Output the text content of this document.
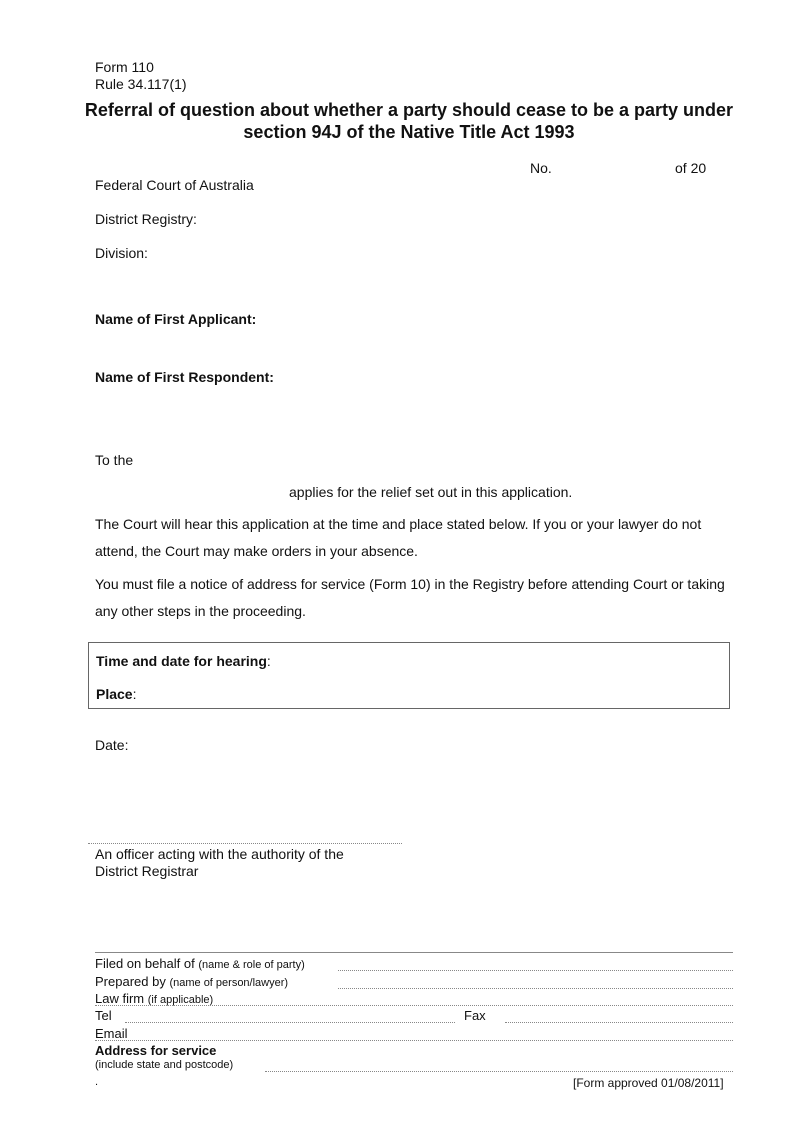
Form 110
Rule 34.117(1)
Referral of question about whether a party should cease to be a party under section 94J of the Native Title Act 1993
No.	of 20
Federal Court of Australia
District Registry:
Division:
Name of First Applicant:
Name of First Respondent:
To the
applies for the relief set out in this application.
The Court will hear this application at the time and place stated below. If you or your lawyer do not attend, the Court may make orders in your absence.
You must file a notice of address for service (Form 10) in the Registry before attending Court or taking any other steps in the proceeding.
Time and date for hearing:
Place:
Date:
An officer acting with the authority of the
District Registrar
Filed on behalf of (name & role of party)
Prepared by (name of person/lawyer)
Law firm (if applicable)
Tel	Fax
Email
Address for service
(include state and postcode)
.	[Form approved 01/08/2011]
